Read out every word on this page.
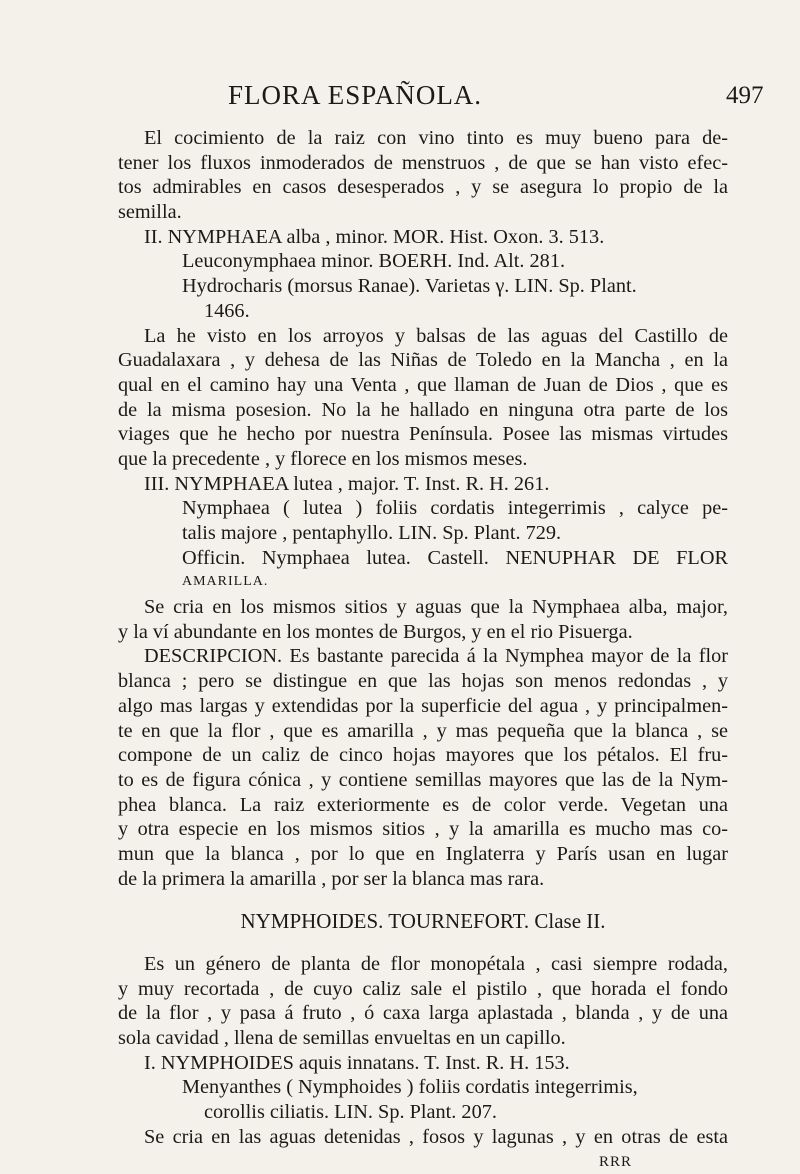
FLORA ESPAÑOLA.	497
El cocimiento de la raiz con vino tinto es muy bueno para de-
tener los fluxos inmoderados de menstruos , de que se han visto efec-
tos admirables en casos desesperados , y se asegura lo propio de la
semilla.
II. NYMPHAEA alba , minor. MOR. Hist. Oxon. 3. 513.
Leuconymphaea minor. BOERH. Ind. Alt. 281.
Hydrocharis (morsus Ranae). Varietas γ. LIN. Sp. Plant.
1466.
La he visto en los arroyos y balsas de las aguas del Castillo de
Guadalaxara , y dehesa de las Niñas de Toledo en la Mancha , en la
qual en el camino hay una Venta , que llaman de Juan de Dios , que es
de la misma posesion. No la he hallado en ninguna otra parte de los
viages que he hecho por nuestra Península. Posee las mismas virtudes
que la precedente , y florece en los mismos meses.
III. NYMPHAEA lutea , major. T. Inst. R. H. 261.
Nymphaea ( lutea ) foliis cordatis integerrimis , calyce pe-
talis majore , pentaphyllo. LIN. Sp. Plant. 729.
Officin. Nymphaea lutea. Castell. NENUPHAR DE FLOR
AMARILLA.
Se cria en los mismos sitios y aguas que la Nymphaea alba, major,
y la ví abundante en los montes de Burgos, y en el rio Pisuerga.
DESCRIPCION. Es bastante parecida á la Nymphea mayor de la flor
blanca ; pero se distingue en que las hojas son menos redondas , y
algo mas largas y extendidas por la superficie del agua , y principalmen-
te en que la flor , que es amarilla , y mas pequeña que la blanca , se
compone de un caliz de cinco hojas mayores que los pétalos. El fru-
to es de figura cónica , y contiene semillas mayores que las de la Nym-
phea blanca. La raiz exteriormente es de color verde. Vegetan una
y otra especie en los mismos sitios , y la amarilla es mucho mas co-
mun que la blanca , por lo que en Inglaterra y París usan en lugar
de la primera la amarilla , por ser la blanca mas rara.
NYMPHOIDES. TOURNEFORT. Clase II.
Es un género de planta de flor monopétala , casi siempre rodada,
y muy recortada , de cuyo caliz sale el pistilo , que horada el fondo
de la flor , y pasa á fruto , ó caxa larga aplastada , blanda , y de una
sola cavidad , llena de semillas envueltas en un capillo.
I. NYMPHOIDES aquis innatans. T. Inst. R. H. 153.
Menyanthes ( Nymphoides ) foliis cordatis integerrimis,
corollis ciliatis. LIN. Sp. Plant. 207.
Se cria en las aguas detenidas , fosos y lagunas , y en otras de esta
RRR
